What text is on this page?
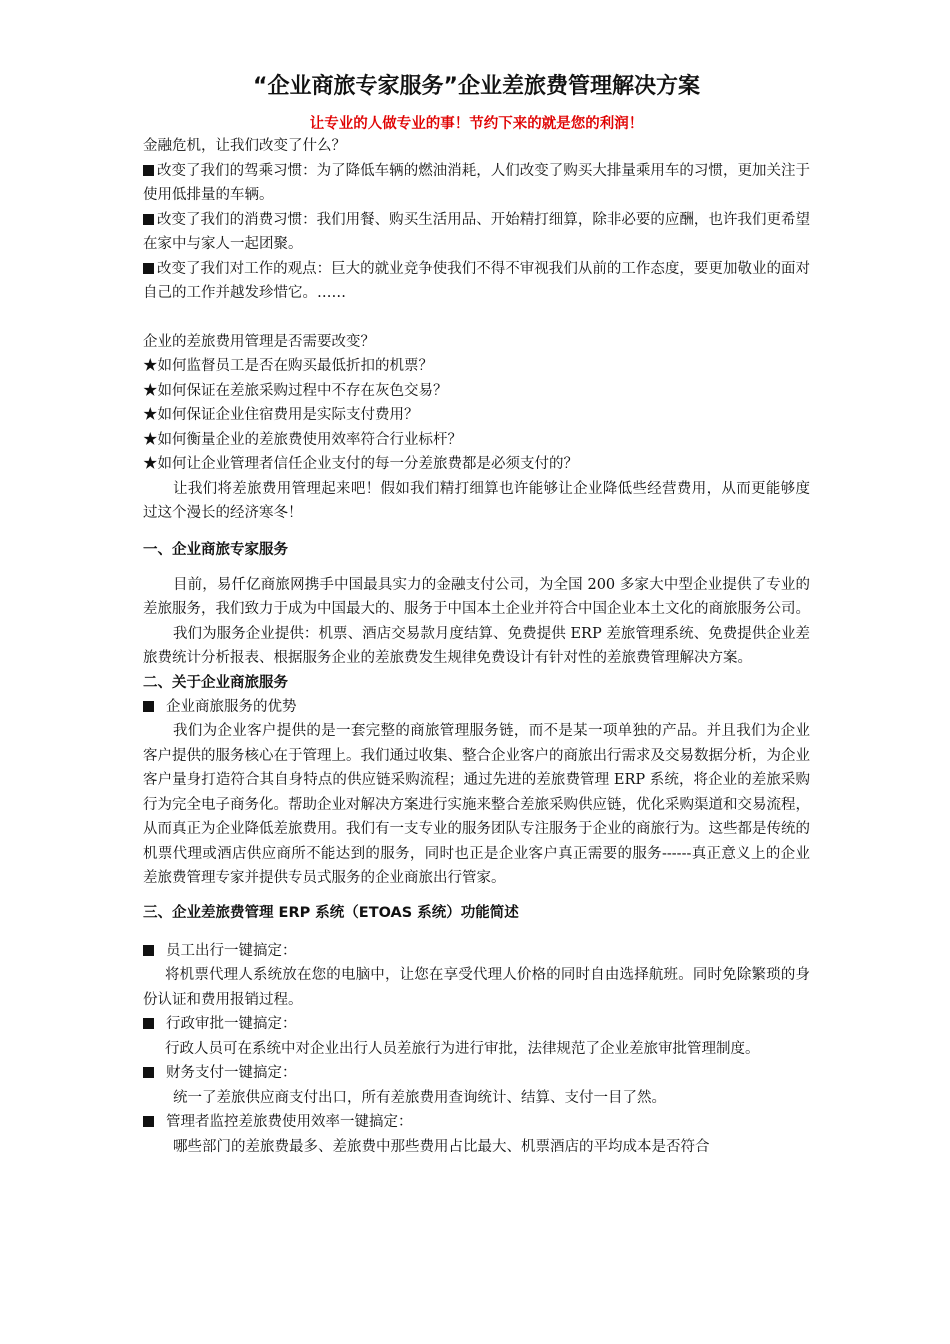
“企业商旅专家服务”企业差旅费管理解决方案

让专业的人做专业的事！节约下来的就是您的利润！

金融危机，让我们改变了什么？

改变了我们的驾乘习惯：为了降低车辆的燃油消耗，人们改变了购买大排量乘用车的习惯，更加关注于使用低排量的车辆。

改变了我们的消费习惯：我们用餐、购买生活用品、开始精打细算，除非必要的应酬，也许我们更希望在家中与家人一起团聚。

改变了我们对工作的观点：巨大的就业竞争使我们不得不审视我们从前的工作态度，要更加敬业的面对自己的工作并越发珍惜它。……

企业的差旅费用管理是否需要改变？

★如何监督员工是否在购买最低折扣的机票？

★如何保证在差旅采购过程中不存在灰色交易？

★如何保证企业住宿费用是实际支付费用？

★如何衡量企业的差旅费使用效率符合行业标杆？

★如何让企业管理者信任企业支付的每一分差旅费都是必须支付的？

让我们将差旅费用管理起来吧！假如我们精打细算也许能够让企业降低些经营费用，从而更能够度过这个漫长的经济寒冬！

一、企业商旅专家服务

目前，易仟亿商旅网携手中国最具实力的金融支付公司，为全国 200 多家大中型企业提供了专业的差旅服务，我们致力于成为中国最大的、服务于中国本土企业并符合中国企业本土文化的商旅服务公司。

我们为服务企业提供：机票、酒店交易款月度结算、免费提供 ERP 差旅管理系统、免费提供企业差旅费统计分析报表、根据服务企业的差旅费发生规律免费设计有针对性的差旅费管理解决方案。

二、关于企业商旅服务

企业商旅服务的优势

我们为企业客户提供的是一套完整的商旅管理服务链，而不是某一项单独的产品。并且我们为企业客户提供的服务核心在于管理上。我们通过收集、整合企业客户的商旅出行需求及交易数据分析，为企业客户量身打造符合其自身特点的供应链采购流程；通过先进的差旅费管理 ERP 系统，将企业的差旅采购行为完全电子商务化。帮助企业对解决方案进行实施来整合差旅采购供应链，优化采购渠道和交易流程，从而真正为企业降低差旅费用。我们有一支专业的服务团队专注服务于企业的商旅行为。这些都是传统的机票代理或酒店供应商所不能达到的服务，同时也正是企业客户真正需要的服务------真正意义上的企业差旅费管理专家并提供专员式服务的企业商旅出行管家。

三、企业差旅费管理 ERP 系统（ETOAS 系统）功能简述

员工出行一键搞定：

将机票代理人系统放在您的电脑中，让您在享受代理人价格的同时自由选择航班。同时免除繁琐的身份认证和费用报销过程。

行政审批一键搞定：

行政人员可在系统中对企业出行人员差旅行为进行审批，法律规范了企业差旅审批管理制度。

财务支付一键搞定：

统一了差旅供应商支付出口，所有差旅费用查询统计、结算、支付一目了然。

管理者监控差旅费使用效率一键搞定：

哪些部门的差旅费最多、差旅费中那些费用占比最大、机票酒店的平均成本是否符合
